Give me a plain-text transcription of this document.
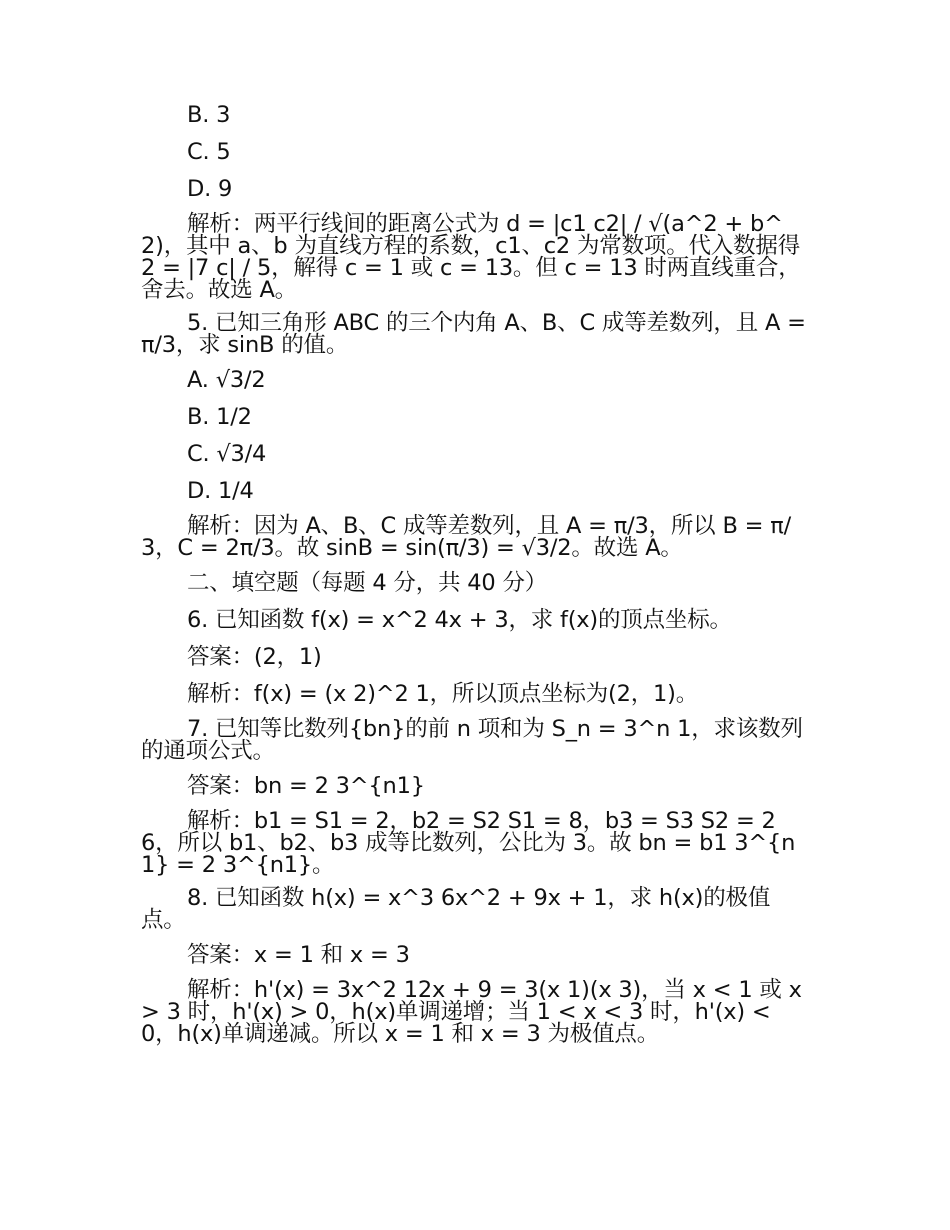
B. 3

C. 5

D. 9

解析：两平行线间的距离公式为 d = |c1 c2| / √(a^2 + b^2)，其中 a、b 为直线方程的系数，c1、c2 为常数项。代入数据得 2 = |7 c| / 5，解得 c = 1 或 c = 13。但 c = 13 时两直线重合，舍去。故选 A。

5. 已知三角形 ABC 的三个内角 A、B、C 成等差数列，且 A = π/3，求 sinB 的值。

A. √3/2

B. 1/2

C. √3/4

D. 1/4

解析：因为 A、B、C 成等差数列，且 A = π/3，所以 B = π/3，C = 2π/3。故 sinB = sin(π/3) = √3/2。故选 A。

二、填空题（每题 4 分，共 40 分）

6. 已知函数 f(x) = x^2 4x + 3，求 f(x)的顶点坐标。

答案：(2，1)

解析：f(x) = (x 2)^2 1，所以顶点坐标为(2，1)。

7. 已知等比数列{bn}的前 n 项和为 S_n = 3^n 1，求该数列的通项公式。

答案：bn = 2 3^{n1}

解析：b1 = S1 = 2，b2 = S2 S1 = 8，b3 = S3 S2 = 26，所以 b1、b2、b3 成等比数列，公比为 3。故 bn = b1 3^{n1} = 2 3^{n1}。

8. 已知函数 h(x) = x^3 6x^2 + 9x + 1，求 h(x)的极值点。

答案：x = 1 和 x = 3

解析：h'(x) = 3x^2 12x + 9 = 3(x 1)(x 3)，当 x < 1 或 x > 3 时，h'(x) > 0，h(x)单调递增；当 1 < x < 3 时，h'(x) < 0，h(x)单调递减。所以 x = 1 和 x = 3 为极值点。
